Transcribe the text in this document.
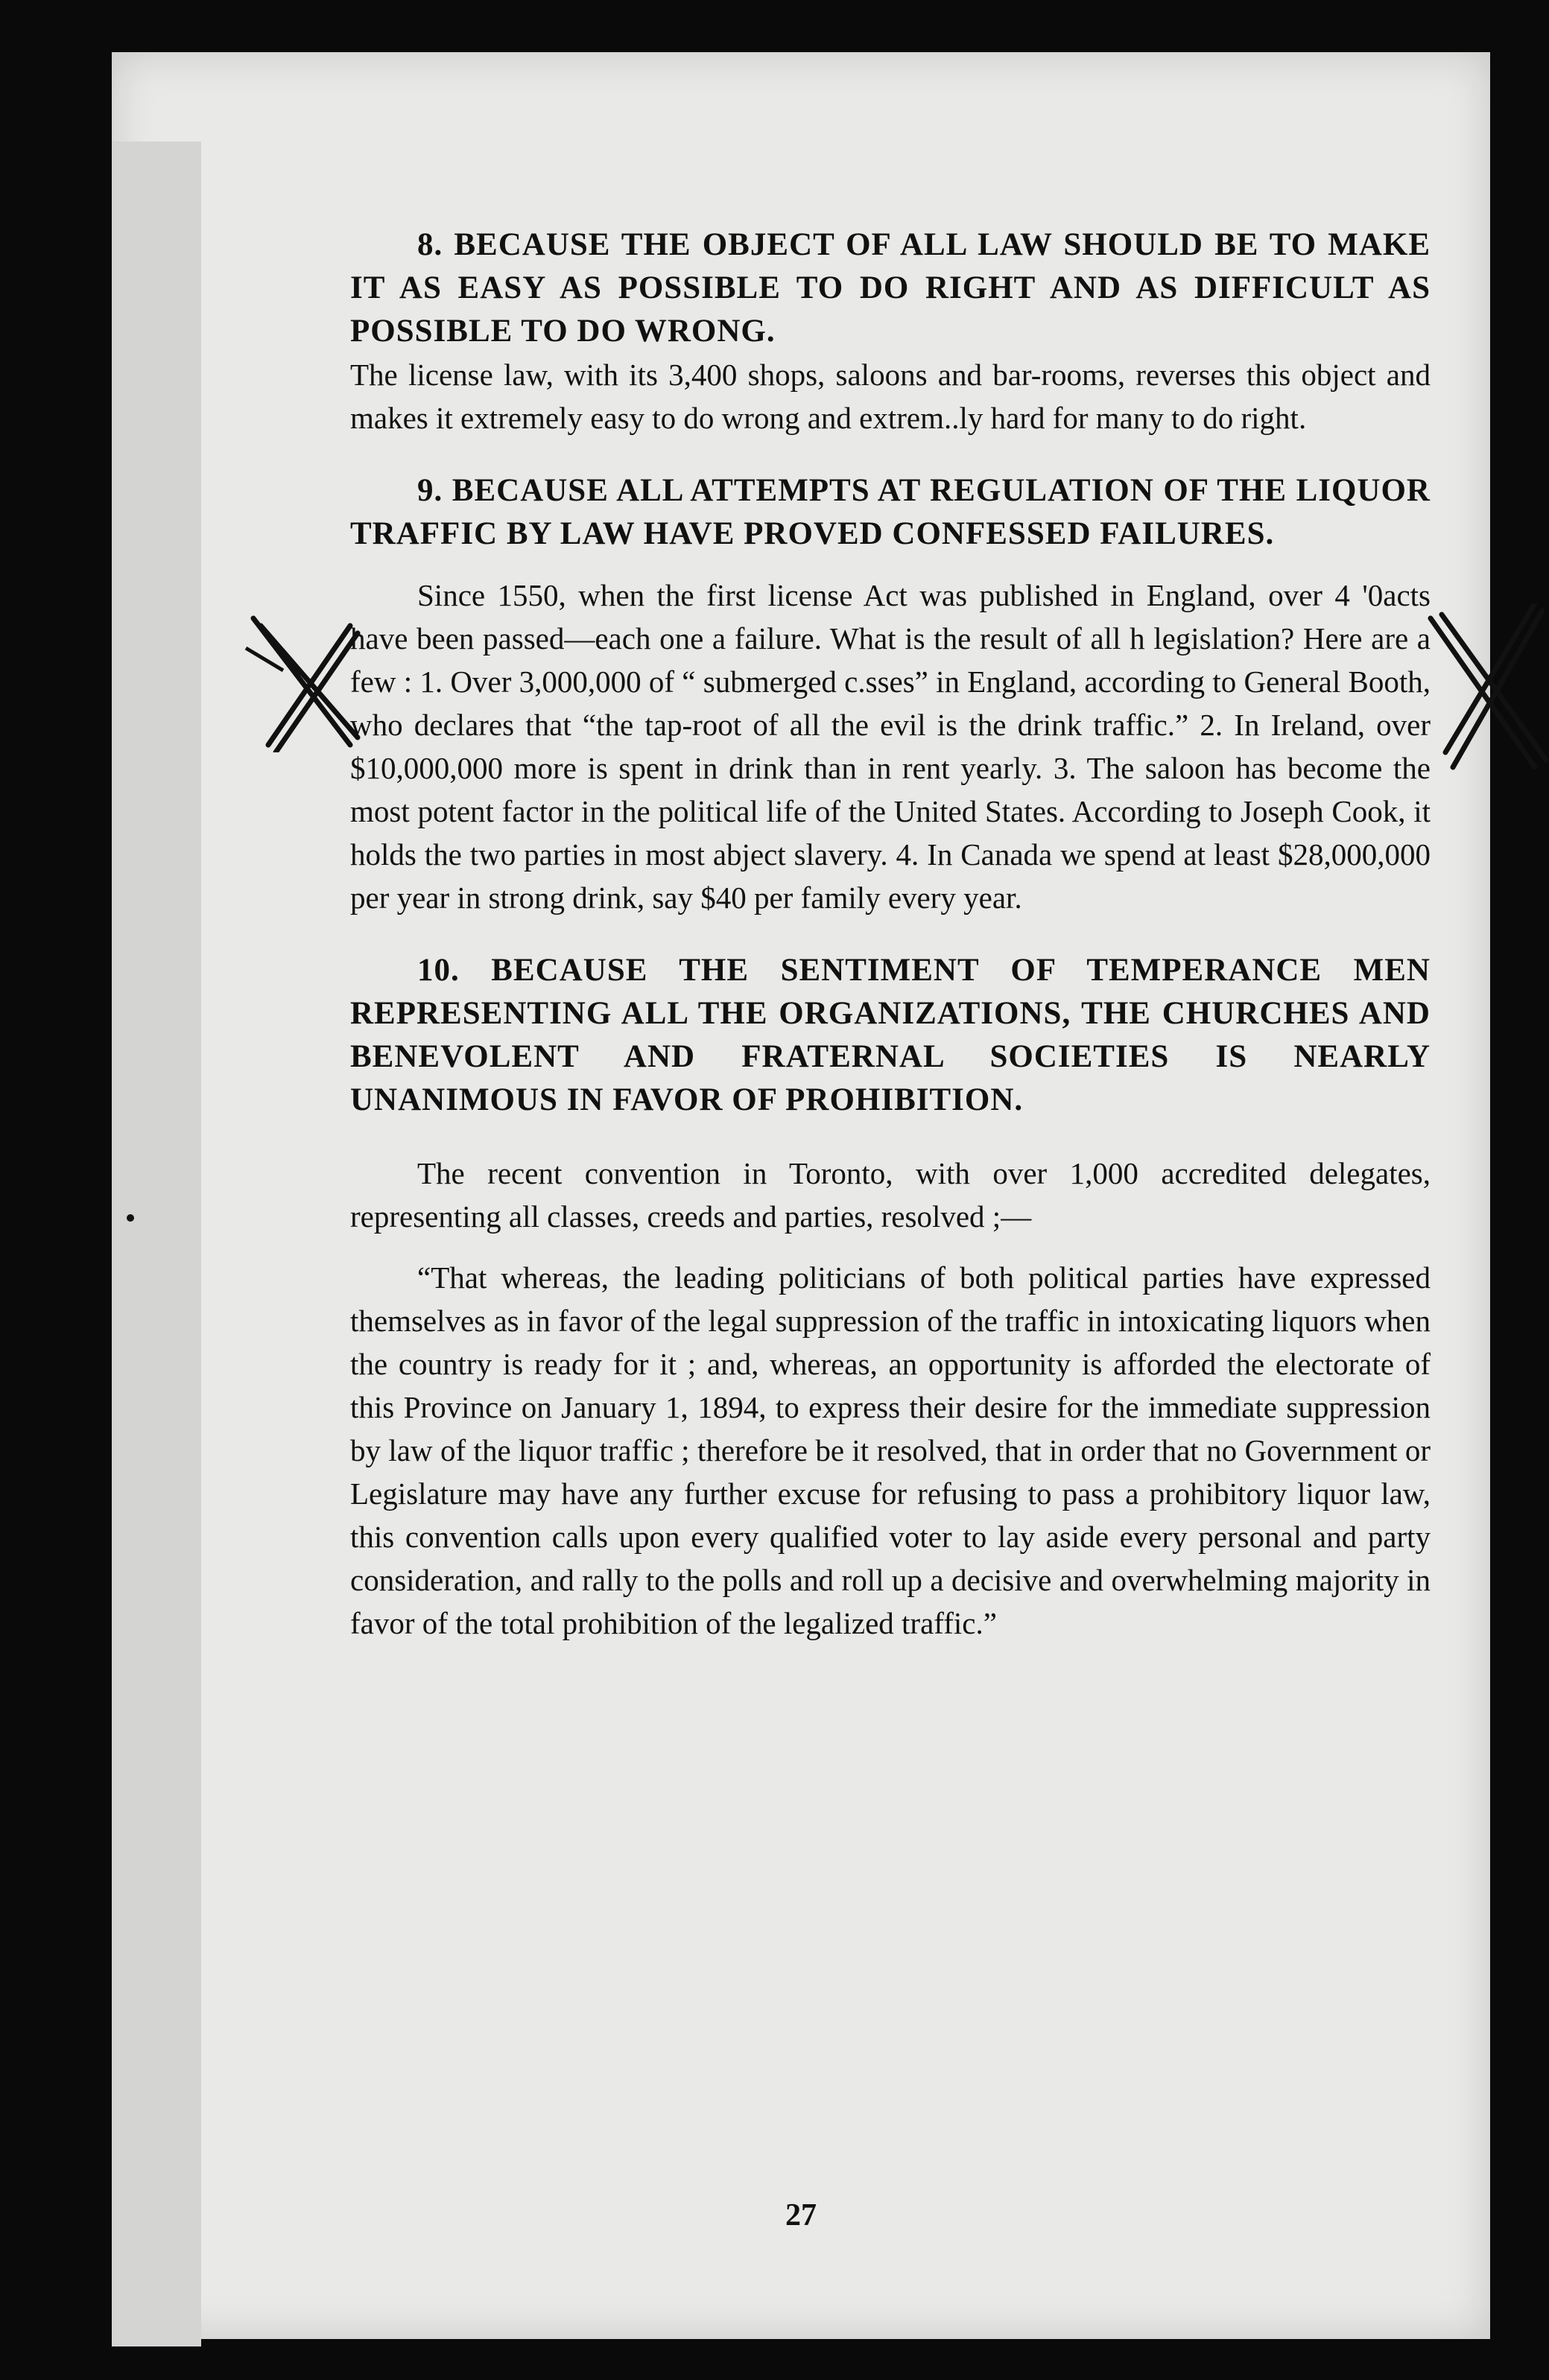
8. BECAUSE THE OBJECT OF ALL LAW SHOULD BE TO MAKE IT AS EASY AS POSSIBLE TO DO RIGHT AND AS DIFFICULT AS POSSIBLE TO DO WRONG.

The license law, with its 3,400 shops, saloons and bar-rooms, reverses this object and makes it extremely easy to do wrong and extrem..ly hard for many to do right.

9. BECAUSE ALL ATTEMPTS AT REGULATION OF THE LIQUOR TRAFFIC BY LAW HAVE PROVED CONFESSED FAILURES.

Since 1550, when the first license Act was published in England, over 4 '0acts have been passed—each one a failure. What is the result of all h legislation? Here are a few : 1. Over 3,000,000 of “ submerged c.sses” in England, according to General Booth, who declares that “the tap-root of all the evil is the drink traffic.” 2. In Ireland, over $10,000,000 more is spent in drink than in rent yearly. 3. The saloon has become the most potent factor in the political life of the United States. According to Joseph Cook, it holds the two parties in most abject slavery. 4. In Canada we spend at least $28,000,000 per year in strong drink, say $40 per family every year.

10. BECAUSE THE SENTIMENT OF TEMPERANCE MEN REPRESENTING ALL THE ORGANIZATIONS, THE CHURCHES AND BENEVOLENT AND FRATERNAL SOCIETIES IS NEARLY UNANIMOUS IN FAVOR OF PROHIBITION.

The recent convention in Toronto, with over 1,000 accredited delegates, representing all classes, creeds and parties, resolved ;—

“That whereas, the leading politicians of both political parties have expressed themselves as in favor of the legal suppression of the traffic in intoxicating liquors when the country is ready for it ; and, whereas, an opportunity is afforded the electorate of this Province on January 1, 1894, to express their desire for the immediate suppression by law of the liquor traffic ; therefore be it resolved, that in order that no Government or Legislature may have any further excuse for refusing to pass a prohibitory liquor law, this convention calls upon every qualified voter to lay aside every personal and party consideration, and rally to the polls and roll up a decisive and overwhelming majority in favor of the total prohibition of the legalized traffic.”

27
